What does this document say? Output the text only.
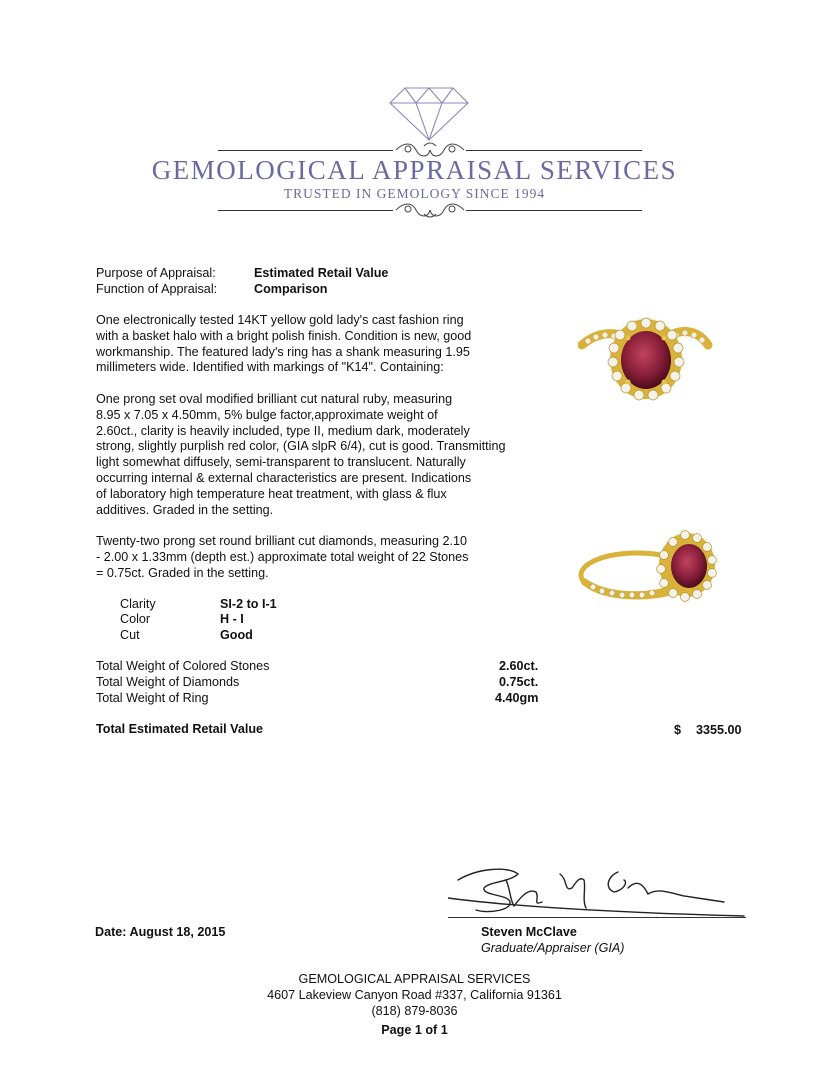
GEMOLOGICAL APPRAISAL SERVICES
TRUSTED IN GEMOLOGY SINCE 1994
Purpose of Appraisal:	Estimated Retail Value
Function of Appraisal:	Comparison
One electronically tested 14KT yellow gold lady's cast fashion ring
with a basket halo with a bright polish finish. Condition is new, good
workmanship. The featured lady's ring has a shank measuring 1.95
millimeters wide. Identified with markings of "K14". Containing:
One prong set oval modified brilliant cut natural ruby, measuring
8.95 x 7.05 x 4.50mm, 5% bulge factor,approximate weight of
2.60ct., clarity is heavily included, type II, medium dark, moderately
strong, slightly purplish red color, (GIA slpR 6/4), cut is good. Transmitting
light somewhat diffusely, semi-transparent to translucent. Naturally
occurring internal & external characteristics are present. Indications
of laboratory high temperature heat treatment, with glass & flux
additives. Graded in the setting.
Twenty-two prong set round brilliant cut diamonds, measuring 2.10
- 2.00 x 1.33mm (depth est.) approximate total weight of 22 Stones
= 0.75ct. Graded in the setting.
Clarity	SI-2 to I-1
Color	H - I
Cut	Good
Total Weight of Colored Stones	2.60ct.
Total Weight of Diamonds	0.75ct.
Total Weight of Ring	4.40gm
Total Estimated Retail Value	$ 3355.00
Date: August 18, 2015	Steven McClave
Graduate/Appraiser (GIA)
GEMOLOGICAL APPRAISAL SERVICES
4607 Lakeview Canyon Road #337, California 91361
(818) 879-8036
Page 1 of 1
